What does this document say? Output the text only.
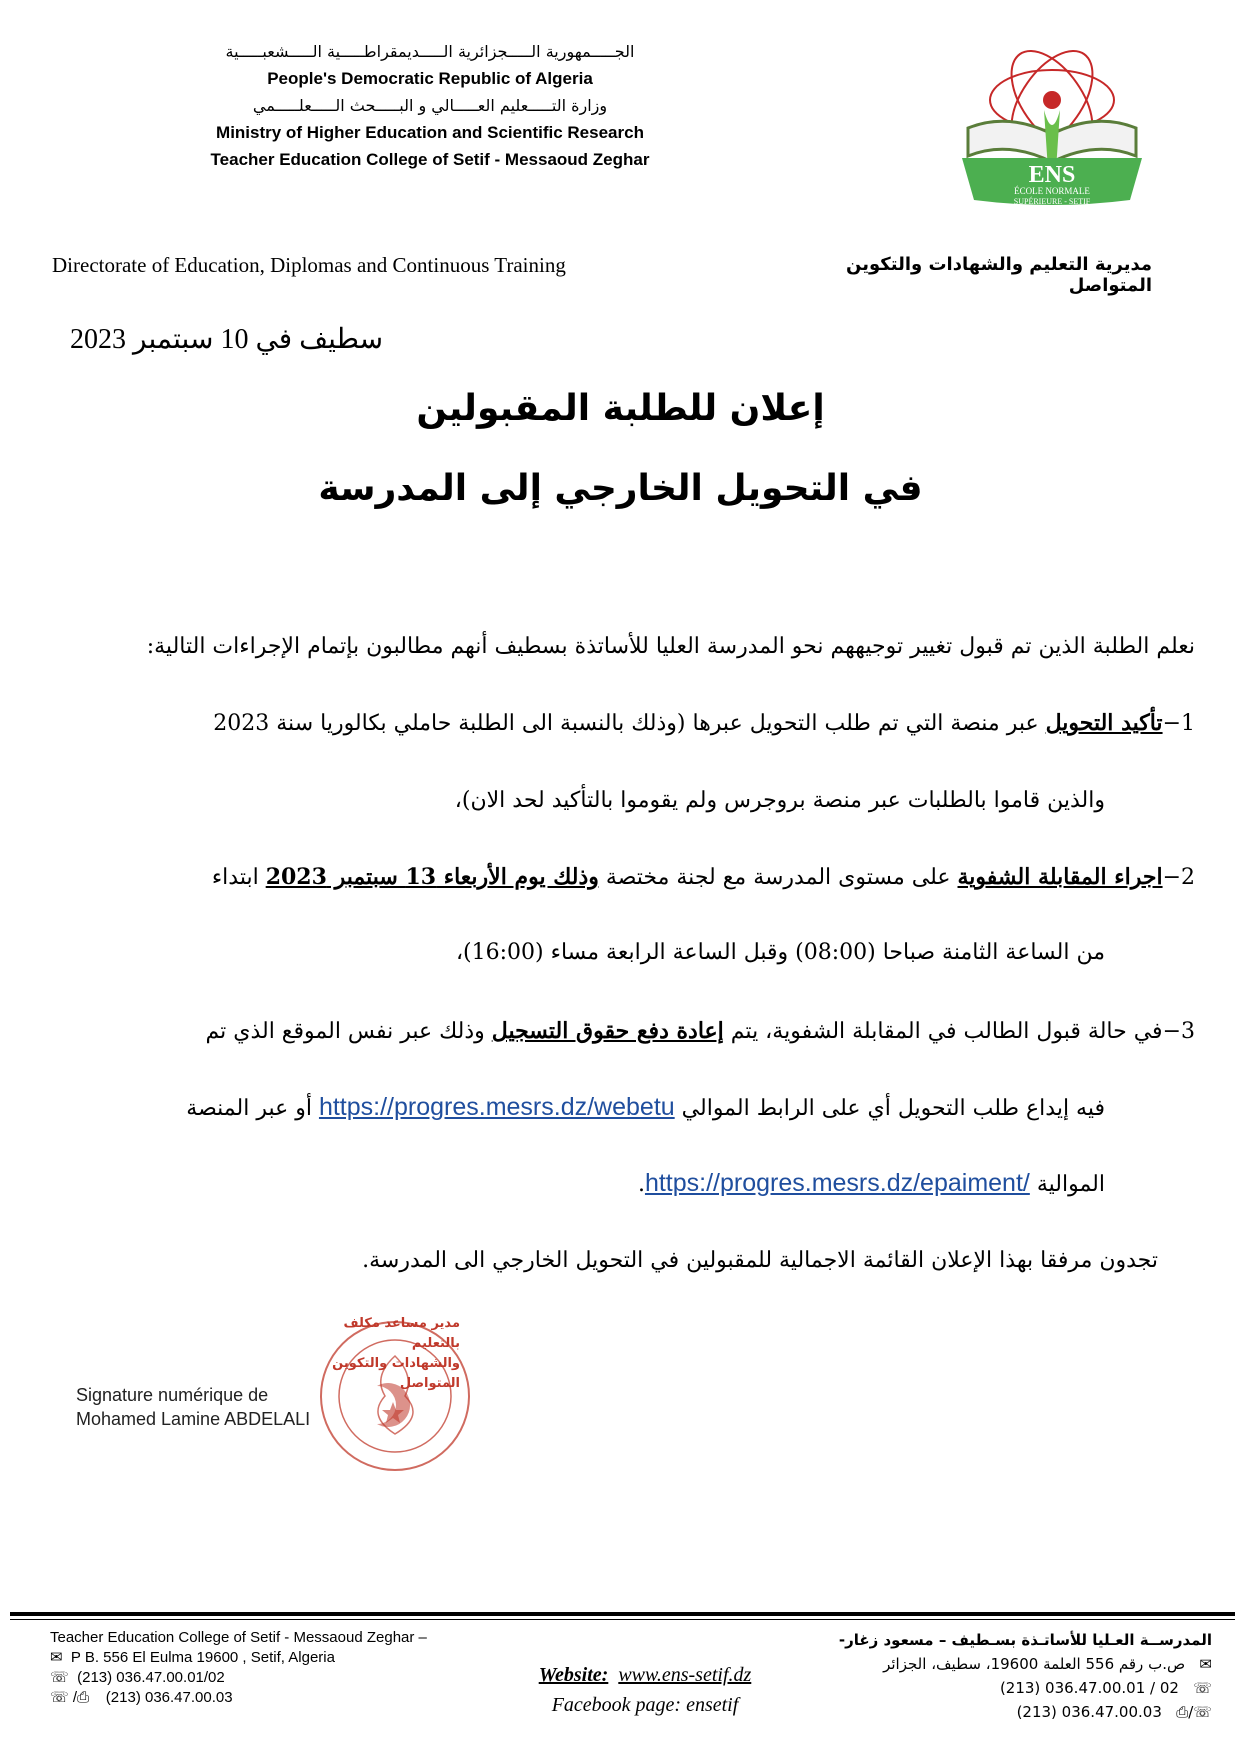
الجـــــمهورية الـــــجزائرية الـــــديمقراطـــــية الـــــشعبـــــية
People's Democratic Republic of Algeria
وزارة التـــــعليم العـــــالي و البـــــحث الـــــعلـــــمي
Ministry of Higher Education and Scientific Research
Teacher Education College of Setif - Messaoud Zeghar
ENS
ÉCOLE NORMALE
SUPÉRIEURE - SETIF
Directorate of Education, Diplomas and Continuous Training	مديرية التعليم والشهادات والتكوين المتواصل
سطيف في 10 سبتمبر 2023
إعلان للطلبة المقبولين
في التحويل الخارجي إلى المدرسة
نعلم الطلبة الذين تم قبول تغيير توجيههم نحو المدرسة العليا للأساتذة بسطيف أنهم مطالبون بإتمام الإجراءات التالية:
1−تأكيد التحويل عبر منصة التي تم طلب التحويل عبرها (وذلك بالنسبة الى الطلبة حاملي بكالوريا سنة 2023
والذين قاموا بالطلبات عبر منصة بروجرس ولم يقوموا بالتأكيد لحد الان)،
2−اجراء المقابلة الشفوية على مستوى المدرسة مع لجنة مختصة وذلك يوم الأربعاء 13 سبتمبر 2023 ابتداء
من الساعة الثامنة صباحا (08:00) وقبل الساعة الرابعة مساء (16:00)،
3−في حالة قبول الطالب في المقابلة الشفوية، يتم إعادة دفع حقوق التسجيل وذلك عبر نفس الموقع الذي تم
فيه إيداع طلب التحويل أي على الرابط الموالي https://progres.mesrs.dz/webetu أو عبر المنصة
الموالية https://progres.mesrs.dz/epaiment/.
تجدون مرفقا بهذا الإعلان القائمة الاجمالية للمقبولين في التحويل الخارجي الى المدرسة.
مدير مساعد مكلف بالتعليم
والشهادات والتكوين المتواصل
Signature numérique de
Mohamed Lamine ABDELALI
Teacher Education College of Setif - Messaoud Zeghar –
✉ P B. 556 El Eulma 19600 , Setif, Algeria
☏ (213) 036.47.00.01/02
☏ /⎙ (213) 036.47.00.03
Website: www.ens-setif.dz
Facebook page: ensetif
المدرســة العـليا للأساتـذة بسـطيف – مسعود زغار-
✉   ص.ب رقم 556 العلمة 19600، سطيف، الجزائر
☏   (213) 036.47.00.01 / 02
☏/⎙   (213) 036.47.00.03
